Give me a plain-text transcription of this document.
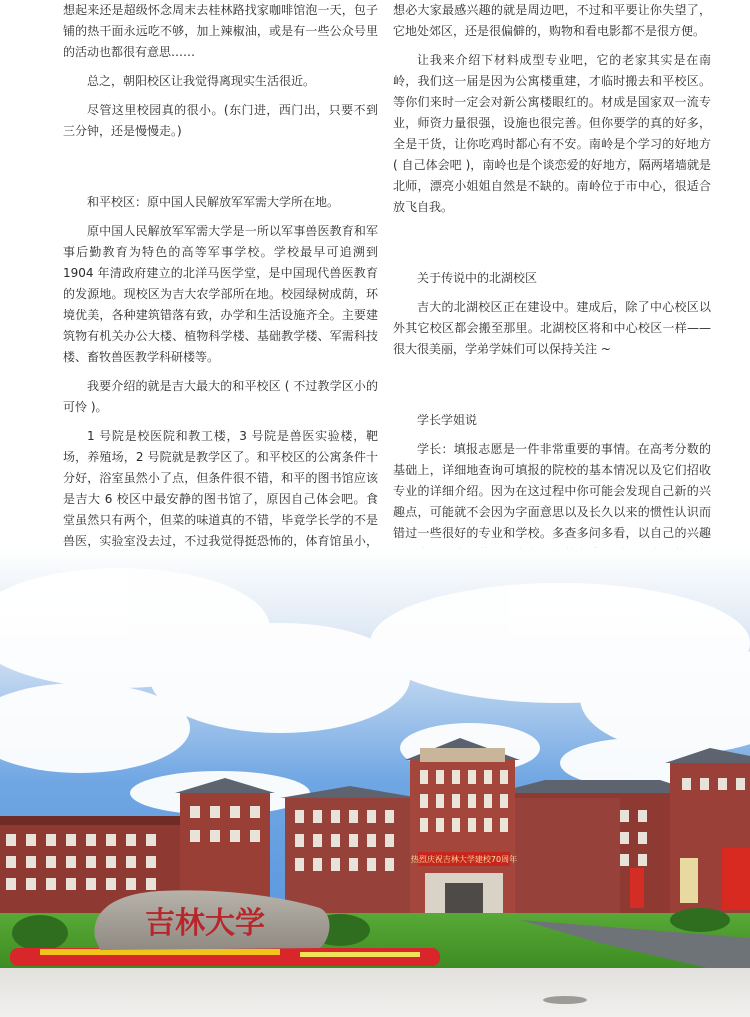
想起来还是超级怀念周末去桂林路找家咖啡馆泡一天，包子铺的热干面永远吃不够，加上辣椒油，或是有一些公众号里的活动也都很有意思……

总之，朝阳校区让我觉得离现实生活很近。

尽管这里校园真的很小。(东门进，西门出，只要不到三分钟，还是慢慢走。)

和平校区：原中国人民解放军军需大学所在地。

原中国人民解放军军需大学是一所以军事兽医教育和军事后勤教育为特色的高等军事学校。学校最早可追溯到 1904 年清政府建立的北洋马医学堂，是中国现代兽医教育的发源地。现校区为吉大农学部所在地。校园绿树成荫，环境优美，各种建筑错落有致，办学和生活设施齐全。主要建筑物有机关办公大楼、植物科学楼、基础教学楼、军需科技楼、畜牧兽医教学科研楼等。

我要介绍的就是吉大最大的和平校区 ( 不过教学区小的可怜 )。

1 号院是校医院和教工楼，3 号院是兽医实验楼，靶场，养殖场，2 号院就是教学区了。和平校区的公寓条件十分好，浴室虽然小了点，但条件很不错，和平的图书馆应该是吉大 6 校区中最安静的图书馆了，原因自己体会吧。食堂虽然只有两个，但菜的味道真的不错，毕竟学长学的不是兽医，实验室没去过，不过我觉得挺恐怖的，体育馆虽小，

想必大家最感兴趣的就是周边吧，不过和平要让你失望了，它地处郊区，还是很偏僻的，购物和看电影都不是很方便。

让我来介绍下材料成型专业吧，它的老家其实是在南岭，我们这一届是因为公寓楼重建，才临时搬去和平校区。等你们来时一定会对新公寓楼眼红的。材成是国家双一流专业，师资力量很强，设施也很完善。但你要学的真的好多，全是干货，让你吃鸡时都心有不安。南岭是个学习的好地方 ( 自己体会吧 )，南岭也是个谈恋爱的好地方，隔两堵墙就是北师，漂亮小姐姐自然是不缺的。南岭位于市中心，很适合放飞自我。

关于传说中的北湖校区

吉大的北湖校区正在建设中。建成后，除了中心校区以外其它校区都会搬至那里。北湖校区将和中心校区一样——很大很美丽，学弟学妹们可以保持关注 ~

学长学姐说

学长：填报志愿是一件非常重要的事情。在高考分数的基础上，详细地查询可填报的院校的基本情况以及它们招收专业的详细介绍。因为在这过程中你可能会发现自己新的兴趣点，可能就不会因为字面意思以及长久以来的惯性认识而错过一些很好的专业和学校。多查多问多看，以自己的兴趣

热烈庆祝吉林大学建校70周年
吉林大学
